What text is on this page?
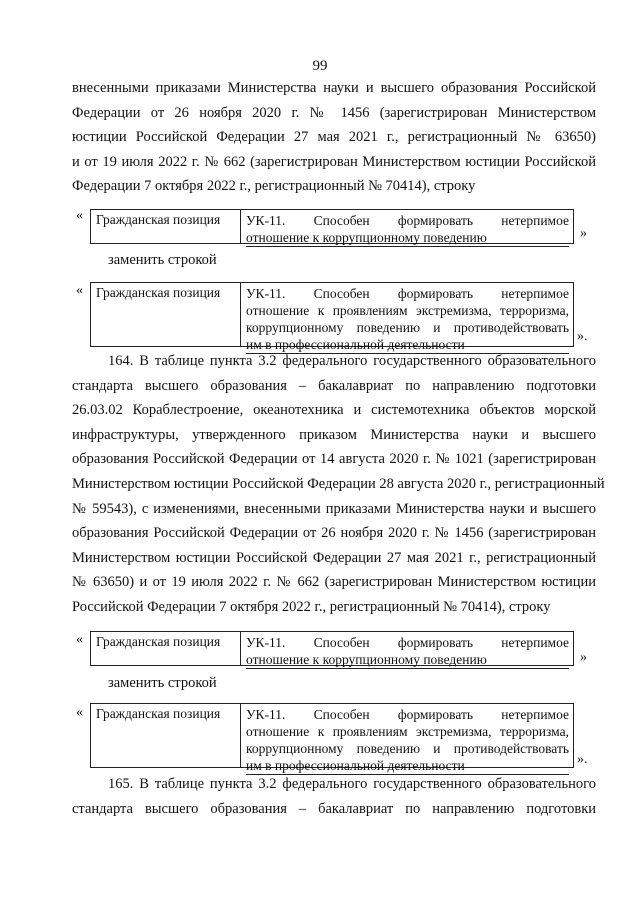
99
внесенными приказами Министерства науки и высшего образования Российской
Федерации от 26 ноября 2020 г. № 1456 (зарегистрирован Министерством
юстиции Российской Федерации 27 мая 2021 г., регистрационный № 63650)
и от 19 июля 2022 г. № 662 (зарегистрирован Министерством юстиции Российской
Федерации 7 октября 2022 г., регистрационный № 70414), строку
« Гражданская позиция	УК-11. Способен формировать нетерпимое
отношение к коррупционному поведению	»
заменить строкой
« Гражданская позиция	УК-11. Способен формировать нетерпимое
отношение к проявлениям экстремизма, терроризма,
коррупционному поведению и противодействовать
им в профессиональной деятельности
».
164. В таблице пункта 3.2 федерального государственного образовательного
стандарта высшего образования – бакалавриат по направлению подготовки
26.03.02 Кораблестроение, океанотехника и системотехника объектов морской
инфраструктуры, утвержденного приказом Министерства науки и высшего
образования Российской Федерации от 14 августа 2020 г. № 1021 (зарегистрирован
Министерством юстиции Российской Федерации 28 августа 2020 г., регистрационный
№ 59543), с изменениями, внесенными приказами Министерства науки и высшего
образования Российской Федерации от 26 ноября 2020 г. № 1456 (зарегистрирован
Министерством юстиции Российской Федерации 27 мая 2021 г., регистрационный
№ 63650) и от 19 июля 2022 г. № 662 (зарегистрирован Министерством юстиции
Российской Федерации 7 октября 2022 г., регистрационный № 70414), строку
« Гражданская позиция	УК-11. Способен формировать нетерпимое
отношение к коррупционному поведению	»
заменить строкой
« Гражданская позиция	УК-11. Способен формировать нетерпимое
отношение к проявлениям экстремизма, терроризма,
коррупционному поведению и противодействовать
им в профессиональной деятельности	».
165. В таблице пункта 3.2 федерального государственного образовательного
стандарта высшего образования – бакалавриат по направлению подготовки
